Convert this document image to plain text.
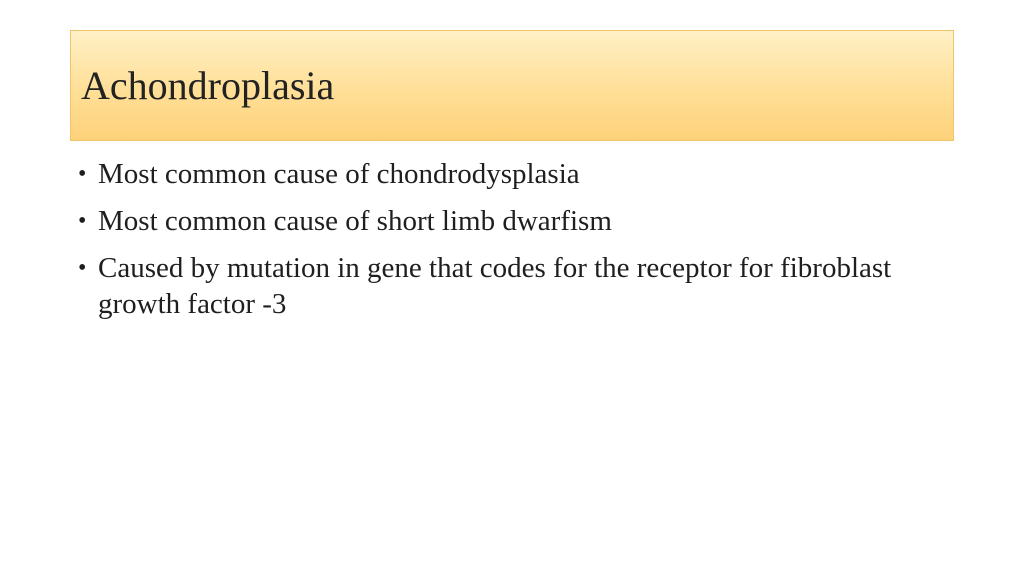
Achondroplasia
• Most common cause of chondrodysplasia
• Most common cause of short limb dwarfism
• Caused by mutation in gene that codes for the receptor for fibroblast growth factor -3
